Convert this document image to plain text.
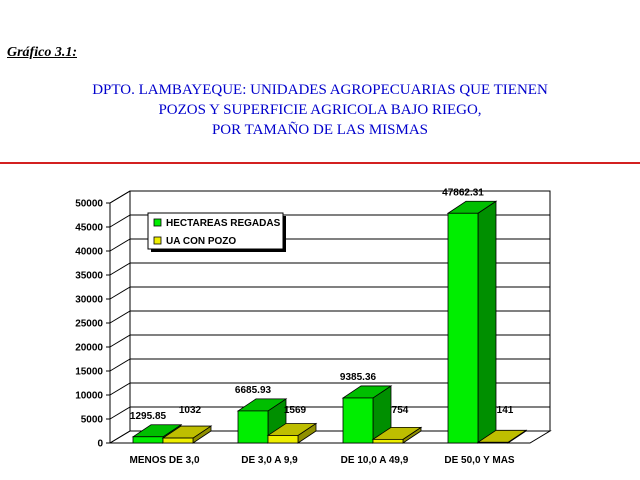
Gráfico 3.1:
DPTO. LAMBAYEQUE: UNIDADES AGROPECUARIAS QUE TIENEN
POZOS Y SUPERFICIE AGRICOLA BAJO RIEGO,
POR TAMAÑO DE LAS MISMAS
0
5000
10000
15000
20000
25000
30000
35000
40000
45000
50000
MENOS DE 3,0	DE 3,0 A 9,9	DE 10,0 A 49,9	DE 50,0 Y MAS
1295.85
1032
6685.93
1569
9385.36
754
47862.31
141
HECTAREAS REGADAS
UA CON POZO
